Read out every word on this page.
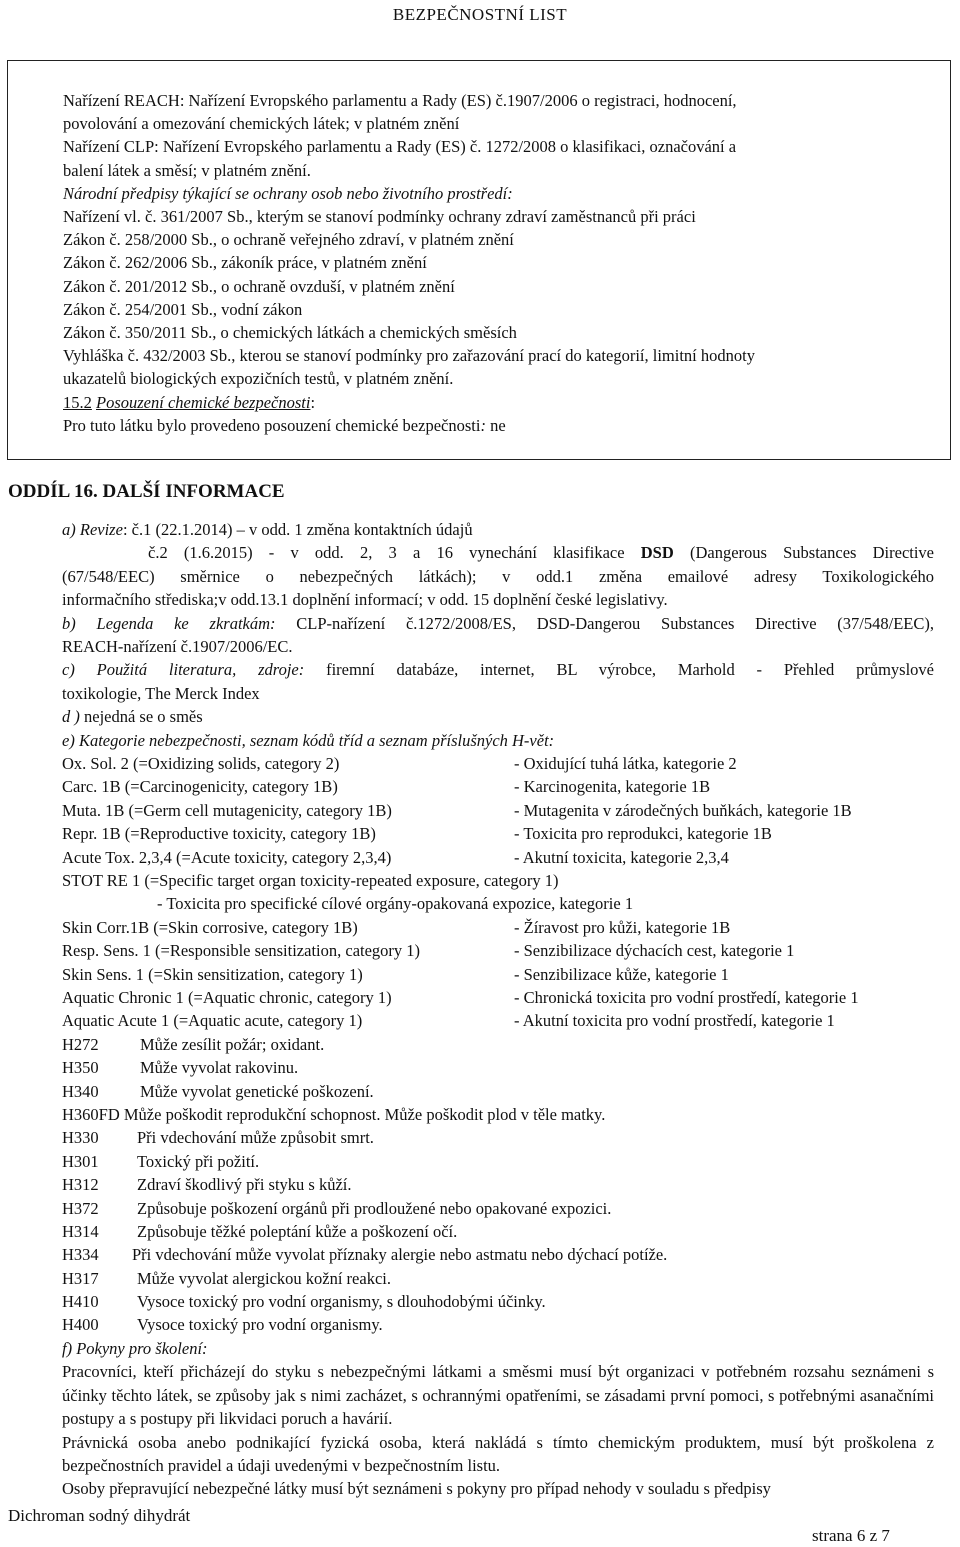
BEZPEČNOSTNÍ LIST
Nařízení REACH: Nařízení Evropského parlamentu a Rady (ES) č.1907/2006 o registraci, hodnocení,
povolování a omezování chemických látek; v platném znění
Nařízení CLP: Nařízení Evropského parlamentu a Rady (ES) č. 1272/2008 o klasifikaci, označování a
balení látek a směsí; v platném znění.
Národní předpisy týkající se ochrany osob nebo životního prostředí:
Nařízení vl. č. 361/2007 Sb., kterým se stanoví podmínky ochrany zdraví zaměstnanců při práci
Zákon č. 258/2000 Sb., o ochraně veřejného zdraví, v platném znění
Zákon č. 262/2006 Sb., zákoník práce, v platném znění
Zákon č. 201/2012 Sb., o ochraně ovzduší, v platném znění
Zákon č. 254/2001 Sb., vodní zákon
Zákon č. 350/2011 Sb., o chemických látkách a chemických směsích
Vyhláška č. 432/2003 Sb., kterou se stanoví podmínky pro zařazování prací do kategorií, limitní hodnoty
ukazatelů biologických expozičních testů, v platném znění.
15.2 Posouzení chemické bezpečnosti:
Pro tuto látku bylo provedeno posouzení chemické bezpečnosti: ne
ODDÍL 16. DALŠÍ INFORMACE
a) Revize: č.1 (22.1.2014) – v odd. 1 změna kontaktních údajů
č.2 (1.6.2015) - v odd. 2, 3 a 16 vynechání klasifikace DSD (Dangerous Substances Directive
(67/548/EEC) směrnice o nebezpečných látkách); v odd.1 změna emailové adresy Toxikologického
informačního střediska;v odd.13.1 doplnění informací; v odd. 15 doplnění české legislativy.
b) Legenda ke zkratkám: CLP-nařízení č.1272/2008/ES, DSD-Dangerou Substances Directive (37/548/EEC),
REACH-nařízení č.1907/2006/EC.
c) Použitá literatura, zdroje: firemní databáze, internet, BL výrobce, Marhold - Přehled průmyslové
toxikologie, The Merck Index
d ) nejedná se o směs
e) Kategorie nebezpečnosti, seznam kódů tříd a seznam příslušných H-vět:
Ox. Sol. 2 (=Oxidizing solids, category 2)	- Oxidující tuhá látka, kategorie 2
Carc. 1B (=Carcinogenicity, category 1B)	- Karcinogenita, kategorie 1B
Muta. 1B (=Germ cell mutagenicity, category 1B)	- Mutagenita v zárodečných buňkách, kategorie 1B
Repr. 1B (=Reproductive toxicity, category 1B)	- Toxicita pro reprodukci, kategorie 1B
Acute Tox. 2,3,4 (=Acute toxicity, category 2,3,4)	- Akutní toxicita, kategorie 2,3,4
STOT RE 1 (=Specific target organ toxicity-repeated exposure, category 1)
- Toxicita pro specifické cílové orgány-opakovaná expozice, kategorie 1
Skin Corr.1B (=Skin corrosive, category 1B)	- Žíravost pro kůži, kategorie 1B
Resp. Sens. 1 (=Responsible sensitization, category 1)	- Senzibilizace dýchacích cest, kategorie 1
Skin Sens. 1 (=Skin sensitization, category 1)	- Senzibilizace kůže, kategorie 1
Aquatic Chronic 1 (=Aquatic chronic, category 1)	- Chronická toxicita pro vodní prostředí, kategorie 1
Aquatic Acute 1 (=Aquatic acute, category 1)	- Akutní toxicita pro vodní prostředí, kategorie 1
H272	Může zesílit požár; oxidant.
H350	Může vyvolat rakovinu.
H340	Může vyvolat genetické poškození.
H360FD Může poškodit reprodukční schopnost. Může poškodit plod v těle matky.
H330 Při vdechování může způsobit smrt.
H301 Toxický při požití.
H312 Zdraví škodlivý při styku s kůží.
H372 Způsobuje poškození orgánů při prodloužené nebo opakované expozici.
H314 Způsobuje těžké poleptání kůže a poškození očí.
H334 Při vdechování může vyvolat příznaky alergie nebo astmatu nebo dýchací potíže.
H317 Může vyvolat alergickou kožní reakci.
H410 Vysoce toxický pro vodní organismy, s dlouhodobými účinky.
H400 Vysoce toxický pro vodní organismy.
f) Pokyny pro školení:
Pracovníci, kteří přicházejí do styku s nebezpečnými látkami a směsmi musí být organizaci v potřebném rozsahu seznámeni s účinky těchto látek, se způsoby jak s nimi zacházet, s ochrannými opatřeními, se zásadami první pomoci, s potřebnými asanačními postupy a s postupy při likvidaci poruch a havárií.
Právnická osoba anebo podnikající fyzická osoba, která nakládá s tímto chemickým produktem, musí být proškolena z bezpečnostních pravidel a údaji uvedenými v bezpečnostním listu.
Osoby přepravující nebezpečné látky musí být seznámeni s pokyny pro případ nehody v souladu s předpisy
Dichroman sodný dihydrát
strana 6 z 7
